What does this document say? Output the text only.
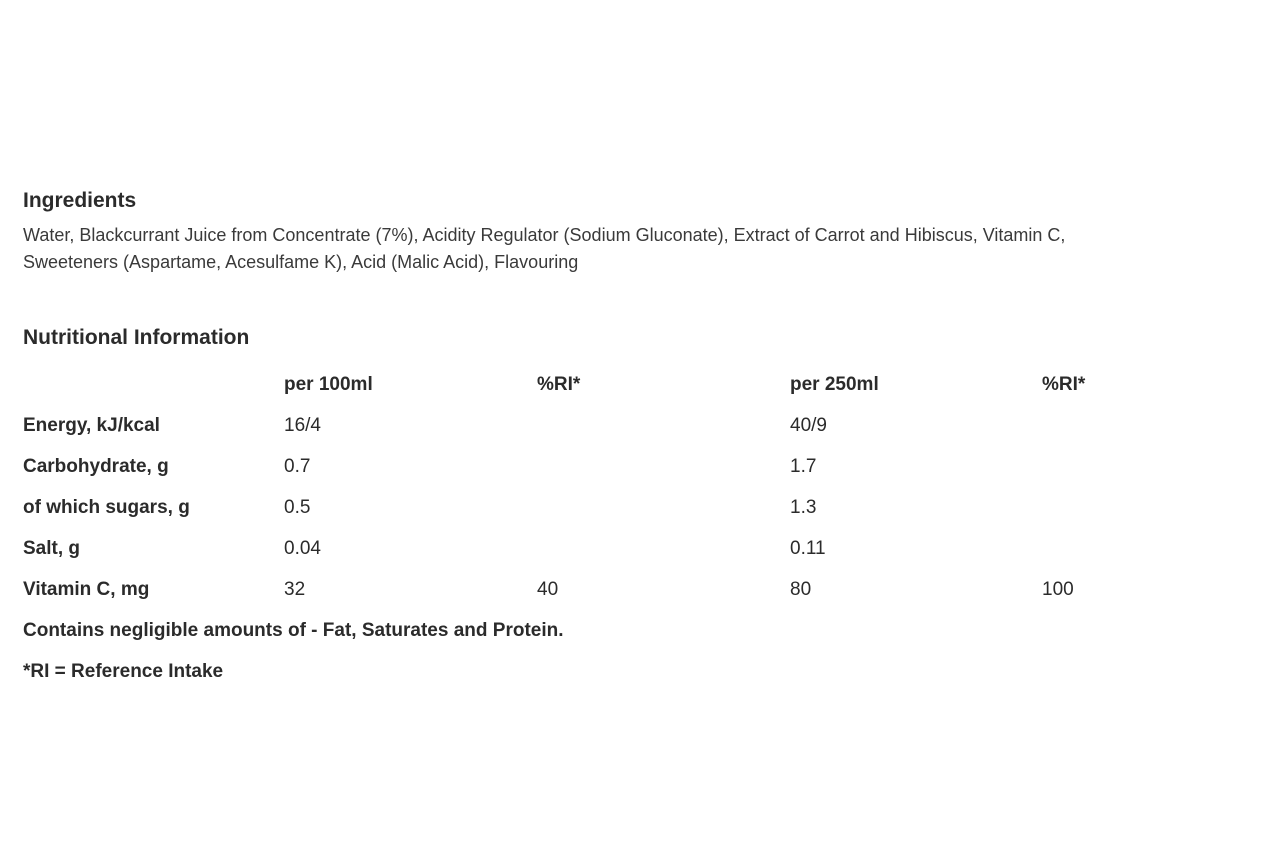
Ingredients

Water, Blackcurrant Juice from Concentrate (7%), Acidity Regulator (Sodium Gluconate), Extract of Carrot and Hibiscus, Vitamin C,
Sweeteners (Aspartame, Acesulfame K), Acid (Malic Acid), Flavouring

Nutritional Information
	per 100ml	%RI*	per 250ml	%RI*
Energy, kJ/kcal	16/4		40/9	
Carbohydrate, g	0.7		1.7	
of which sugars, g	0.5		1.3	
Salt, g	0.04		0.11	
Vitamin C, mg	32	40	80	100

Contains negligible amounts of - Fat, Saturates and Protein.

*RI = Reference Intake
